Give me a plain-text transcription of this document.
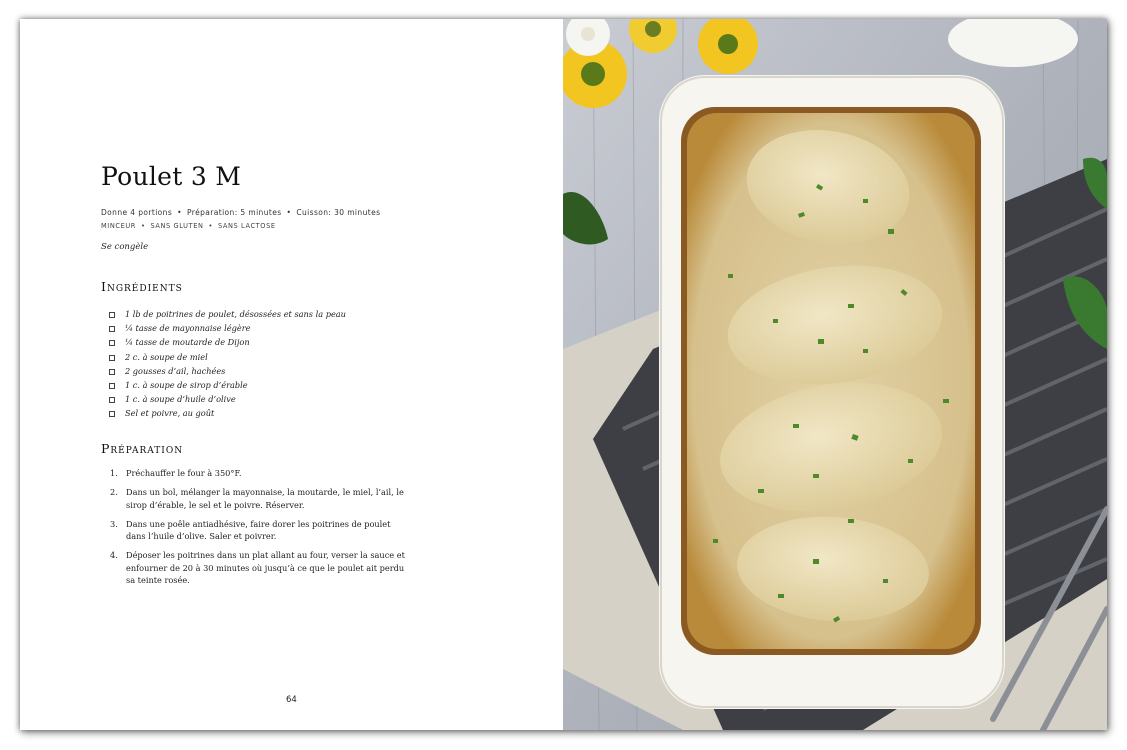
Poulet 3 M
Donne 4 portions • Préparation: 5 minutes • Cuisson: 30 minutes
MINCEUR • SANS GLUTEN • SANS LACTOSE
Se congèle
Ingrédients
1 lb de poitrines de poulet, désossées et sans la peau
¼ tasse de mayonnaise légère
¼ tasse de moutarde de Dijon
2 c. à soupe de miel
2 gousses d’ail, hachées
1 c. à soupe de sirop d’érable
1 c. à soupe d’huile d’olive
Sel et poivre, au goût
Préparation
1. Préchauffer le four à 350°F.
2. Dans un bol, mélanger la mayonnaise, la moutarde, le miel, l’ail, le sirop d’érable, le sel et le poivre. Réserver.
3. Dans une poêle antiadhésive, faire dorer les poitrines de poulet dans l’huile d’olive. Saler et poivrer.
4. Déposer les poitrines dans un plat allant au four, verser la sauce et enfourner de 20 à 30 minutes où jusqu’à ce que le poulet ait perdu sa teinte rosée.
64
